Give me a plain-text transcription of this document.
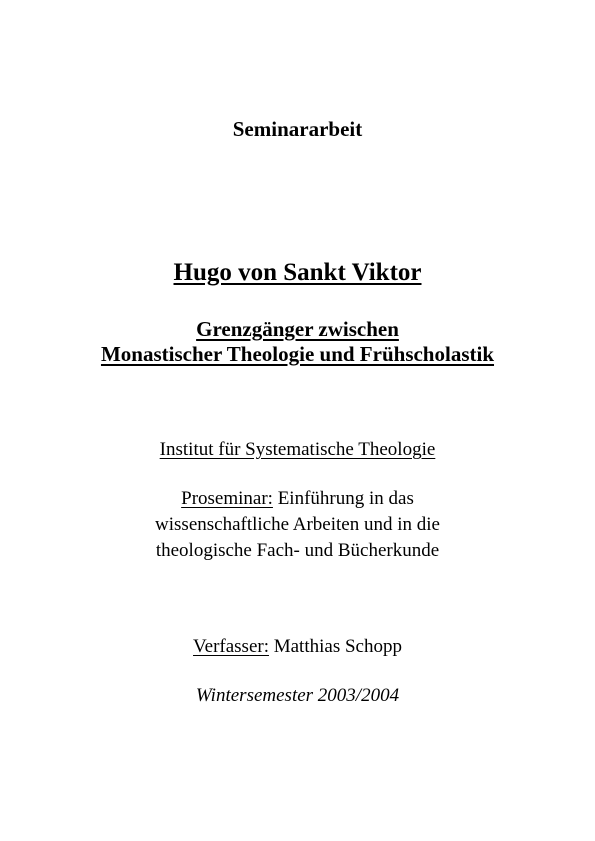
Seminararbeit
Hugo von Sankt Viktor
Grenzgänger zwischen
Monastischer Theologie und Frühscholastik
Institut für Systematische Theologie
Proseminar: Einführung in das
wissenschaftliche Arbeiten und in die
theologische Fach- und Bücherkunde
Verfasser: Matthias Schopp
Wintersemester 2003/2004
